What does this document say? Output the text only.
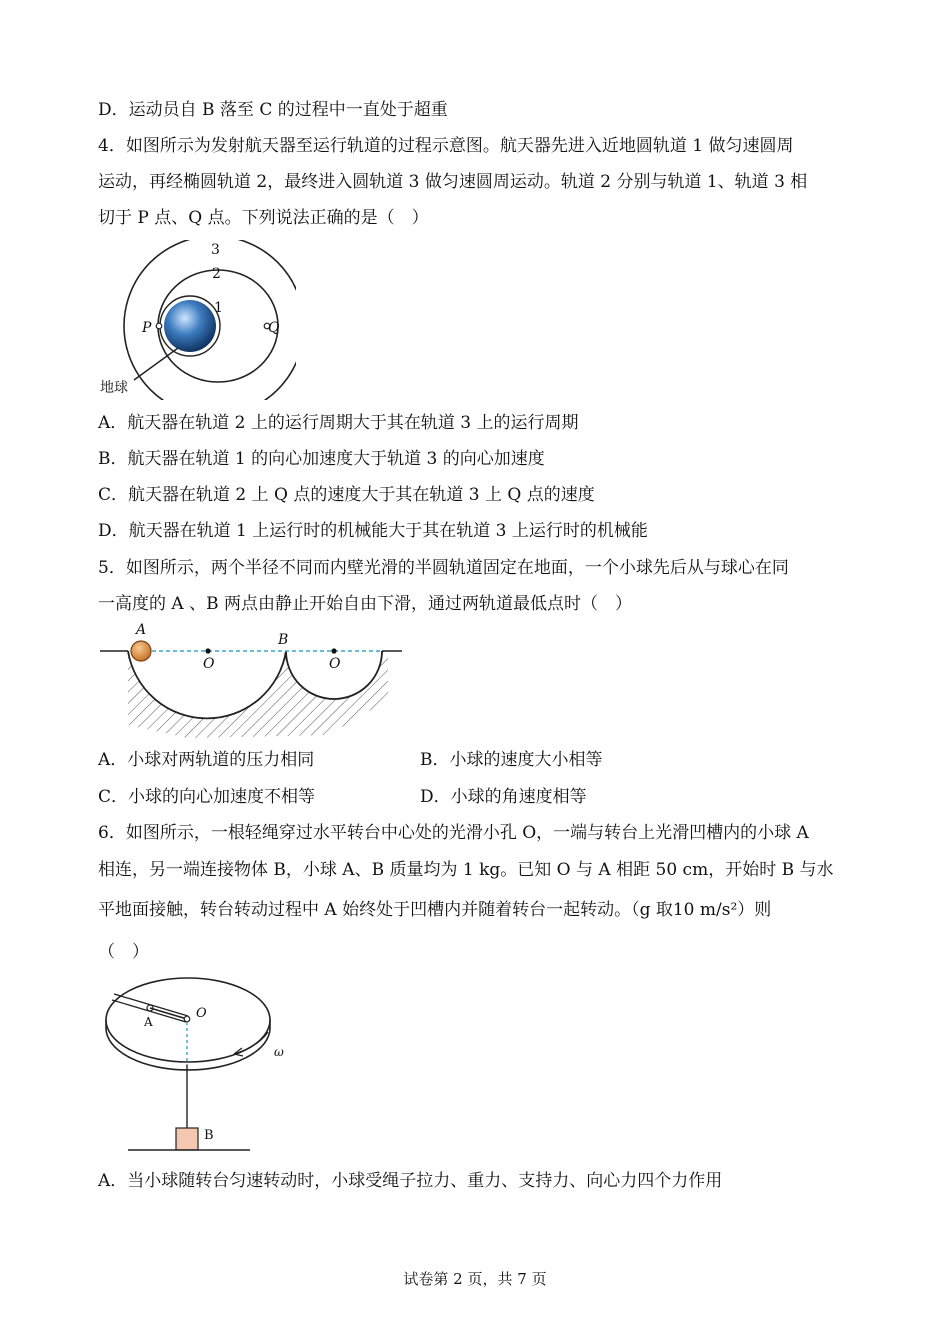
D．运动员自 B 落至 C 的过程中一直处于超重
4．如图所示为发射航天器至运行轨道的过程示意图。航天器先进入近地圆轨道 1 做匀速圆周
运动，再经椭圆轨道 2，最终进入圆轨道 3 做匀速圆周运动。轨道 2 分别与轨道 1、轨道 3 相
切于 P 点、Q 点。下列说法正确的是（　）
3
2
1
P	Q
地球
A．航天器在轨道 2 上的运行周期大于其在轨道 3 上的运行周期
B．航天器在轨道 1 的向心加速度大于轨道 3 的向心加速度
C．航天器在轨道 2 上 Q 点的速度大于其在轨道 3 上 Q 点的速度
D．航天器在轨道 1 上运行时的机械能大于其在轨道 3 上运行时的机械能
5．如图所示，两个半径不同而内壁光滑的半圆轨道固定在地面，一个小球先后从与球心在同
一高度的 A 、B 两点由静止开始自由下滑，通过两轨道最低点时（　）
A
B
O	O
A．小球对两轨道的压力相同	B．小球的速度大小相等
C．小球的向心加速度不相等	D．小球的角速度相等
6．如图所示，一根轻绳穿过水平转台中心处的光滑小孔 O，一端与转台上光滑凹槽内的小球 A
相连，另一端连接物体 B，小球 A、B 质量均为 1 kg。已知 O 与 A 相距 50 cm，开始时 B 与水
平地面接触，转台转动过程中 A 始终处于凹槽内并随着转台一起转动。（g 取10 m/s²）则
（　）
A
O
ω
B
A．当小球随转台匀速转动时，小球受绳子拉力、重力、支持力、向心力四个力作用
试卷第 2 页，共 7 页
